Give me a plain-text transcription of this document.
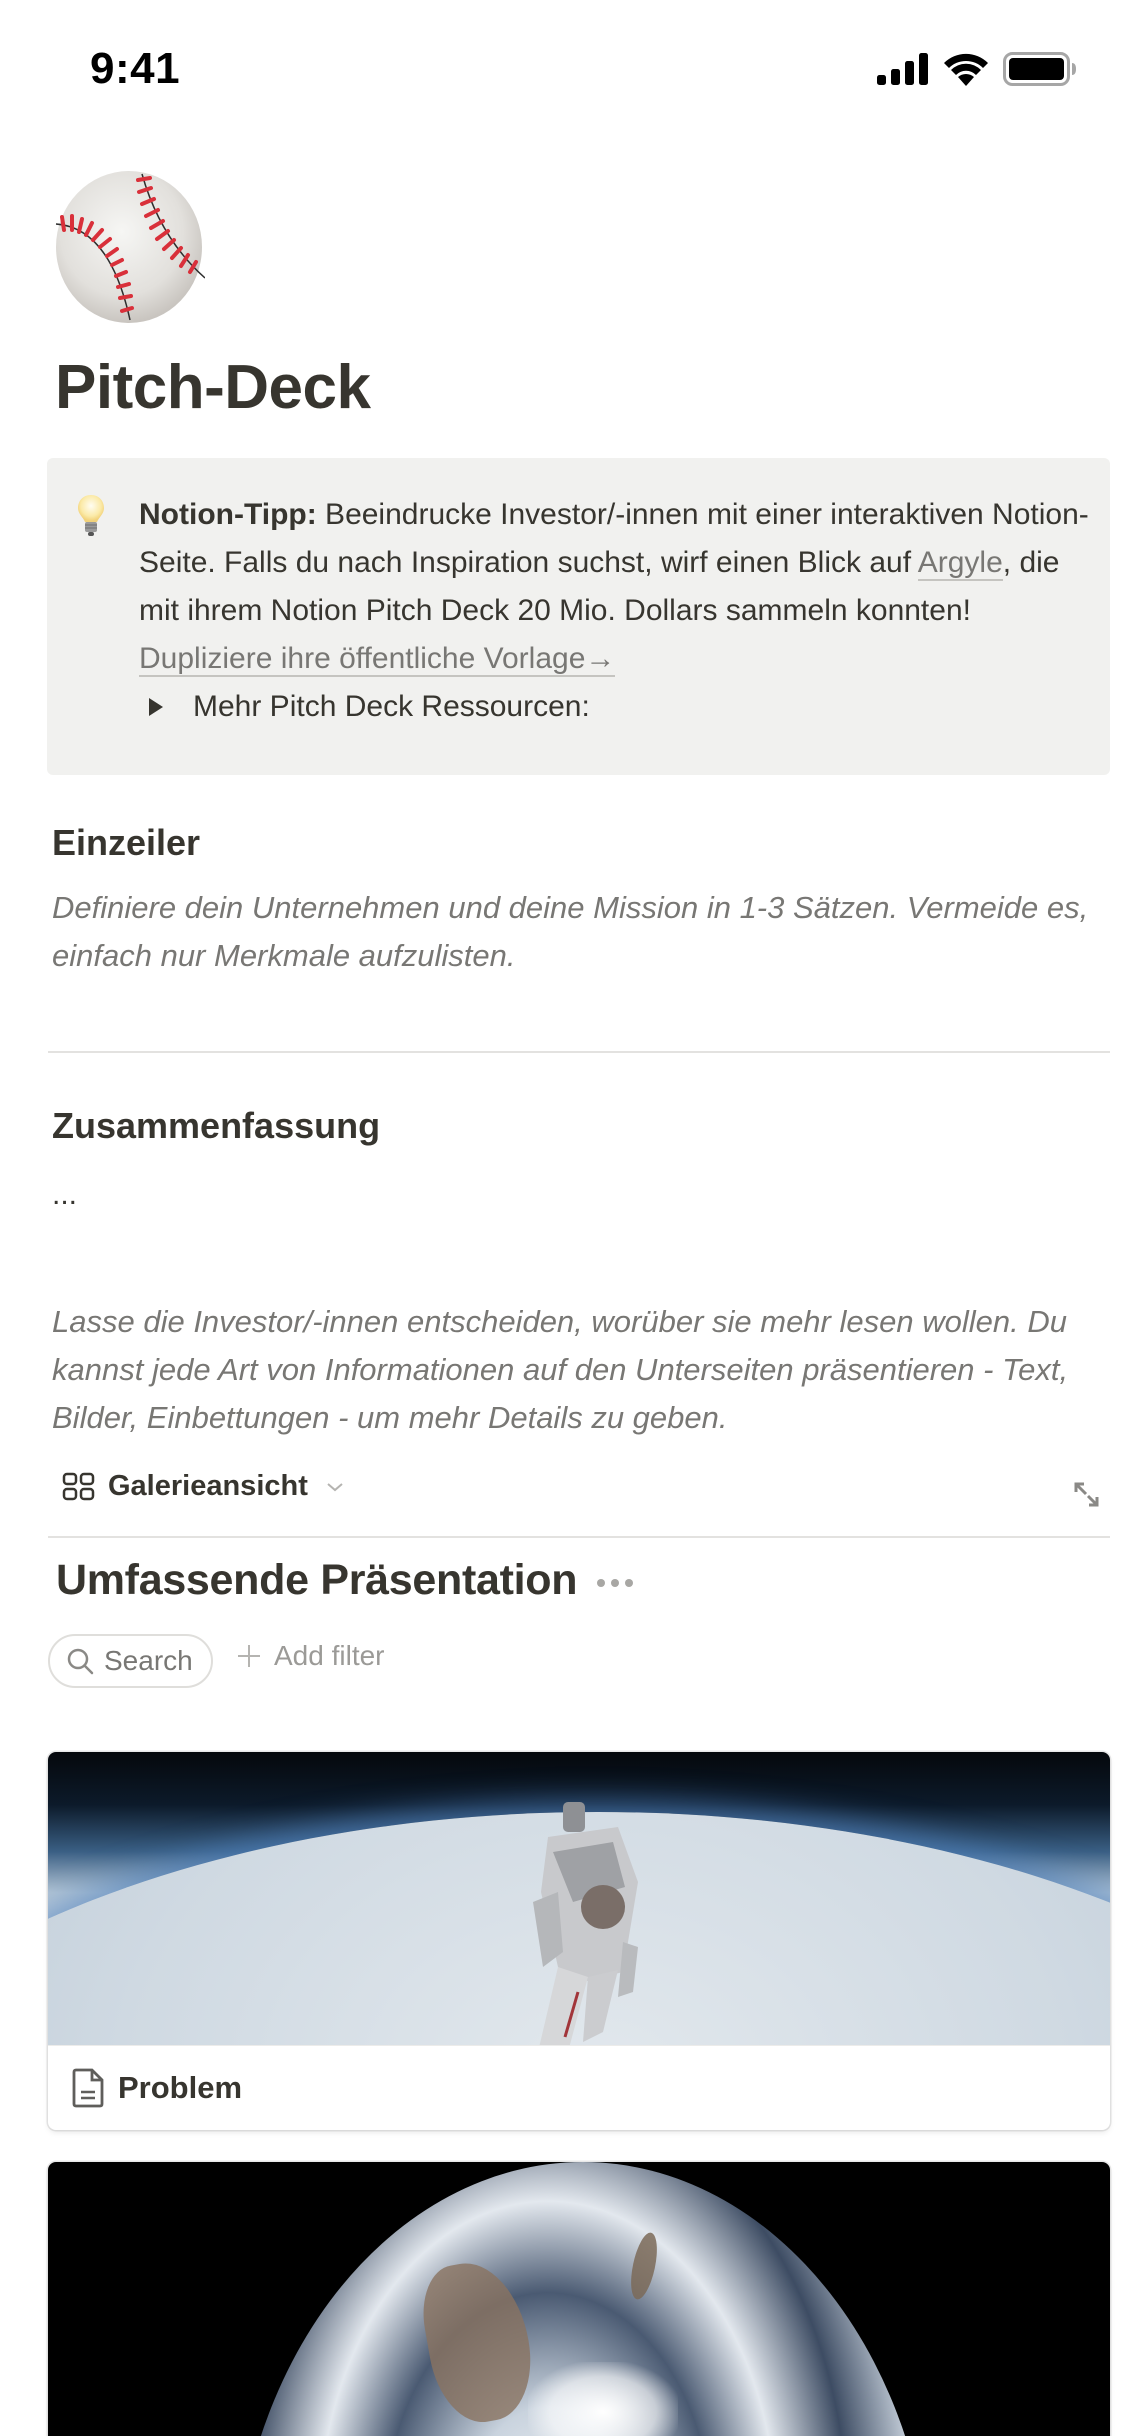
9:41
Pitch-Deck
Notion-Tipp: Beeindrucke Investor/-innen mit einer interaktiven Notion-Seite. Falls du nach Inspiration suchst, wirf einen Blick auf Argyle, die mit ihrem Notion Pitch Deck 20 Mio. Dollars sammeln konnten! Dupliziere ihre öffentliche Vorlage→
Mehr Pitch Deck Ressourcen:
Einzeiler
Definiere dein Unternehmen und deine Mission in 1-3 Sätzen. Vermeide es, einfach nur Merkmale aufzulisten.
Zusammenfassung
...
Lasse die Investor/-innen entscheiden, worüber sie mehr lesen wollen. Du kannst jede Art von Informationen auf den Unterseiten präsentieren - Text, Bilder, Einbettungen - um mehr Details zu geben.
Galerieansicht
Umfassende Präsentation
Search	Add filter
Problem
